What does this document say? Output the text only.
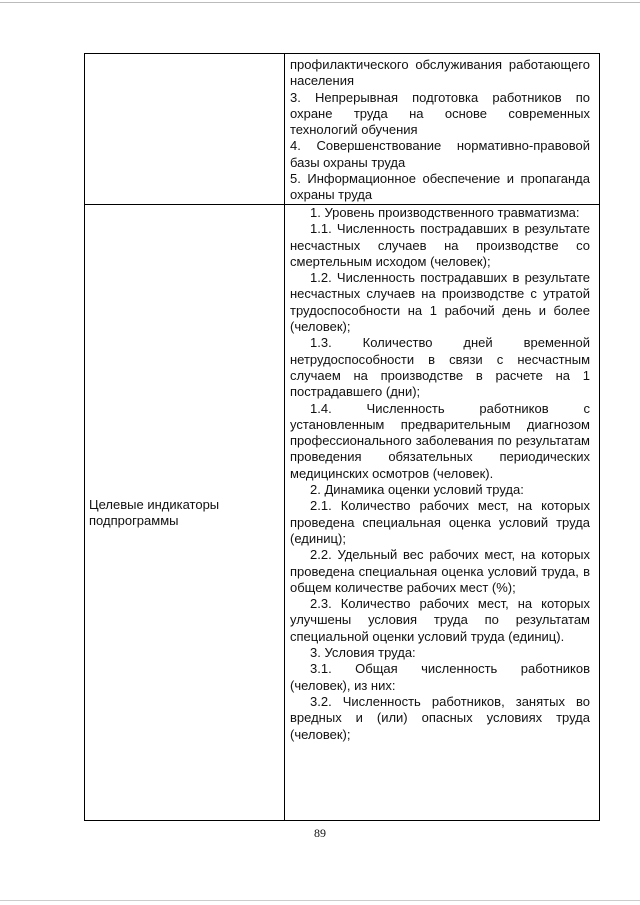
профилактического обслуживания работающего населения

3. Непрерывная подготовка работников по охране труда на основе современных технологий обучения

4. Совершенствование нормативно-правовой базы охраны труда

5. Информационное обеспечение и пропаганда охраны труда

Целевые индикаторы подпрограммы

1. Уровень производственного травматизма:

1.1. Численность пострадавших в результате несчастных случаев на производстве со смертельным исходом (человек);

1.2. Численность пострадавших в результате несчастных случаев на производстве с утратой трудоспособности на 1 рабочий день и более (человек);

1.3. Количество дней временной нетрудоспособности в связи с несчастным случаем на производстве в расчете на 1 пострадавшего (дни);

1.4. Численность работников с установленным предварительным диагнозом профессионального заболевания по результатам проведения обязательных периодических медицинских осмотров (человек).

2. Динамика оценки условий труда:

2.1. Количество рабочих мест, на которых проведена специальная оценка условий труда (единиц);

2.2. Удельный вес рабочих мест, на которых проведена специальная оценка условий труда, в общем количестве рабочих мест (%);

2.3. Количество рабочих мест, на которых улучшены условия труда по результатам специальной оценки условий труда (единиц).

3. Условия труда:

3.1. Общая численность работников (человек), из них:

3.2. Численность работников, занятых во вредных и (или) опасных условиях труда (человек);

89
